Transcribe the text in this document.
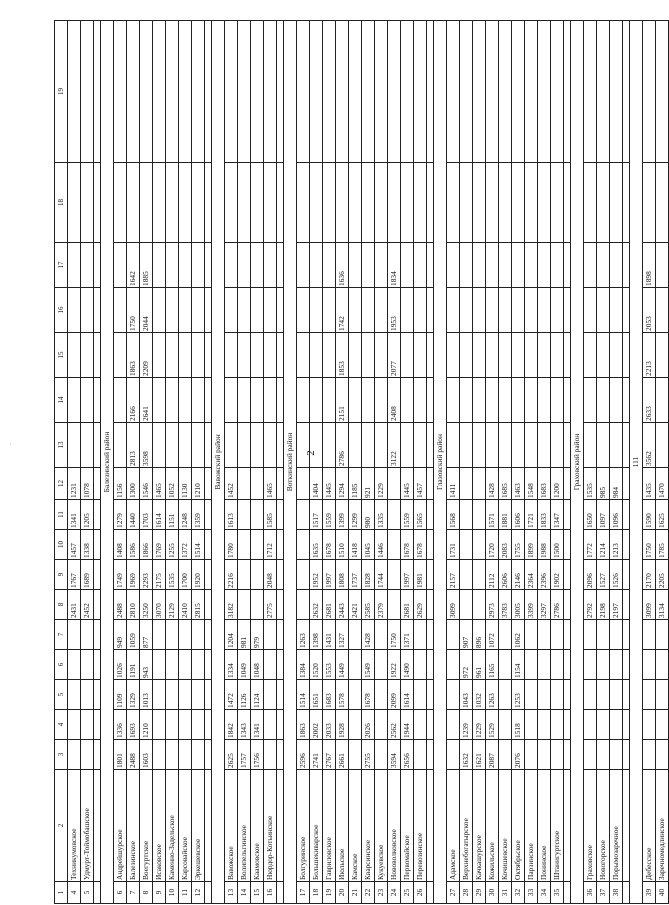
·
2
1	2	3	4	5	6	7	8	9	10	11	12	13	14	15	16	17	18	19
4	Техникумовское						2431	1767	1457	1341	1231							
5	Удмурт-Тоймобашское						2452	1689	1338	1205	1078							

Балезинский район																		
6	Андрейшурское	1801	1336	1109	1026	949	2488	1749	1408	1279	1156							
7	Балезинское	2488	1693	1329	1191	1059	2810	1969	1586	1440	1300	2813	2166	1863	1750	1642		
8	Воегуртское	1603	1210	1013	943	877	3250	2293	1866	1703	1546	3598	2641	2209	2044	1885		
9	Исаковское						3070	2175	1769	1614	1465							
10	Каменно-Задельское						2129	1535	1255	1151	1052							
11	Карсовайское						2410	1700	1372	1248	1130							
12	Эркешевское						2815	1920	1514	1359	1210							

Вавожский район																		
13	Вавожское	2625	1842	1472	1334	1204	3182	2216	1780	1613	1452							
14	Волипельгинское	1757	1343	1126	1049	981												
15	Каамовское	1756	1341	1124	1048	979												
16	Нюрдор-Котьинское						2775	2048	1712	1585	1465							

Воткинский район																		
17	Болгуринское	2596	1863	1514	1384	1263												
18	Большекиварское	2741	2002	1651	1520	1398	2632	1952	1635	1517	1404							
19	Гавриловское	2767	2033	1683	1553	1431	2681	1997	1678	1559	1445							
20	Июльское	2661	1928	1578	1449	1327	2443	1808	1510	1399	1294	2786	2151	1853	1742	1636		
21	Камское						2421	1737	1418	1299	1185							
22	Кварсинское	2755	2026	1678	1549	1428	2585	1828	1045	980	921							
23	Кукуевское						2379	1744	1446	1335	1229							
24	Нововолковское	3594	2562	2099	1922	1750						3122	2408	2077	1953	1834		
25	Первомайское	2656	1944	1614	1490	1371	2681	1997	1678	1559	1445							
26	Перевозинское						2629	1981	1678	1565	1457							

Глазовский район																		
27	Адамское						3099	2157	1731	1568	1411							
28	Верхнебогатырское	1632	1239	1043	972	907												
29	Качкашурское	1621	1229	1032	961	896												
30	Кожильское	2087	1529	1263	1165	1072	2973	2112	1720	1571	1428							
31	Кочишевское						3783	2606	2083	1881	1685							
32	Октябрьское	2076	1518	1253	1154	1062	3005	2146	1755	1606	1463							
33	Парзинское						3399	2364	1899	1721	1548							
34	Понинское						3297	2396	1988	1833	1683							
35	Штанигуртское						2786	1902	1500	1347	1200							

Граховский район																		
36	Граховское						2792	2096	1772	1650	1535							
37	Новогорское						2198	1527	1214	1097	985							
38	Порымозаречное						2197	1526	1213	1096	984							

111																		
39	Дебесское						3099	2170	1750	1590	1435	3562	2633	2213	2053	1898		
40	Заречномедлинское						3134	2205	1785	1625	1470							
